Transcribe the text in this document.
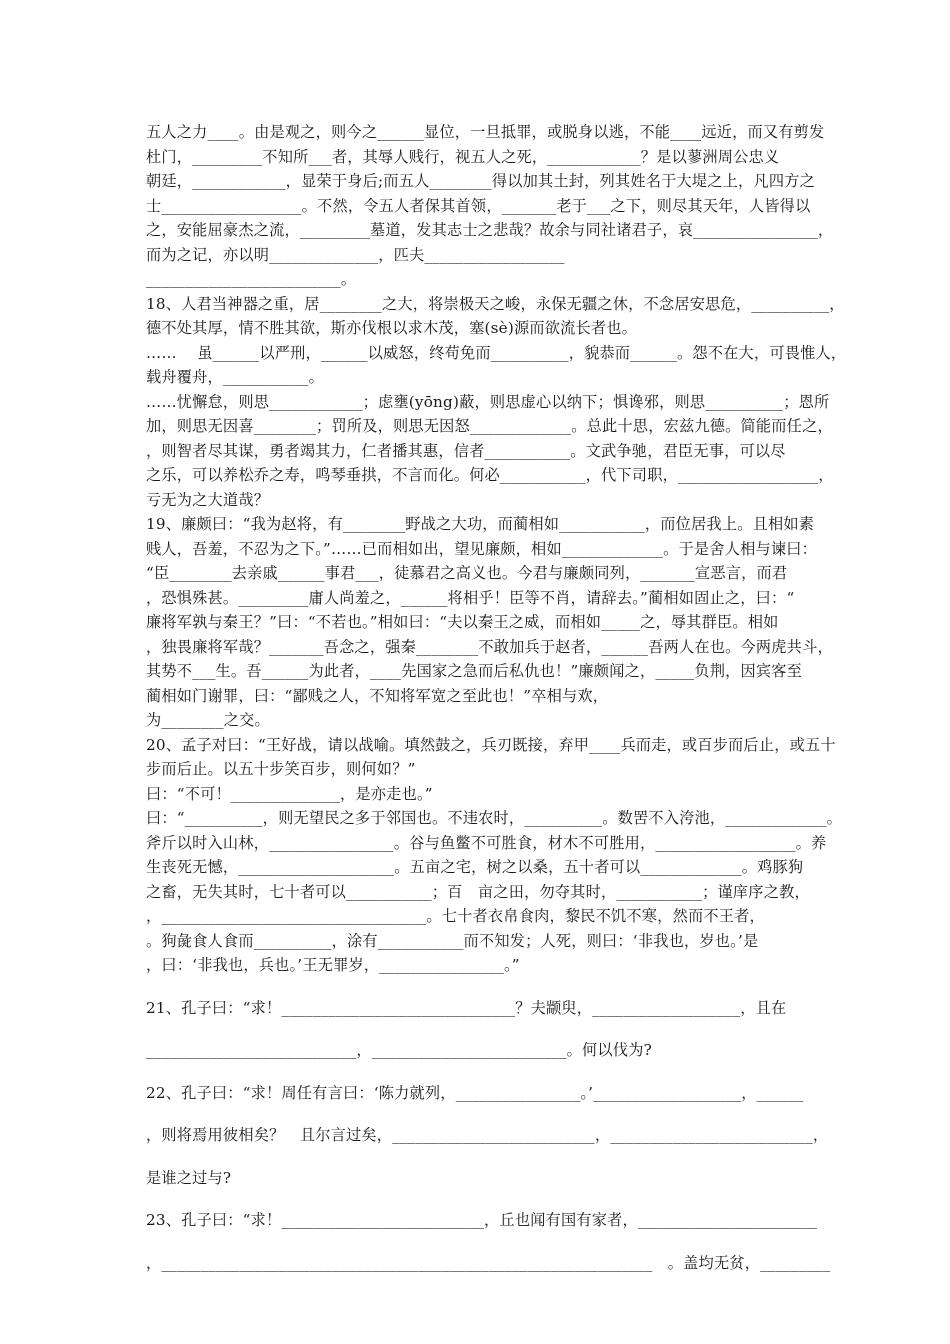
五人之力____。由是观之，则今之______显位，一旦抵罪，或脱身以逃，不能____远近，而又有剪发
杜门，_________不知所___者，其辱人贱行，视五人之死，____________？是以蓼洲周公忠义
朝廷，____________，显荣于身后;而五人________得以加其土封，列其姓名于大堤之上，凡四方之
士__________________。不然，令五人者保其首领，_______老于___之下，则尽其天年，人皆得以
之，安能屈豪杰之流，_________墓道，发其志士之悲哉？故余与同社诸君子，哀________________，
而为之记，亦以明______________，匹夫__________________
_________________________。
18、人君当神器之重，居________之大，将崇极天之峻，永保无疆之休，不念居安思危，__________，
德不处其厚，情不胜其欲，斯亦伐根以求木茂，塞(sè)源而欲流长者也。
……　 虽______以严刑，______以威怒，终苟免而__________，貌恭而______。怨不在大，可畏惟人，
载舟覆舟，___________。
……忧懈怠，则思____________；虑壅(yōng)蔽，则思虚心以纳下；惧谗邪，则思__________；恩所
加，则思无因喜________；罚所及，则思无因怒_____________。总此十思，宏兹九德。简能而任之，
，则智者尽其谋，勇者竭其力，仁者播其惠，信者___________。文武争驰，君臣无事，可以尽
之乐，可以养松乔之寿，鸣琴垂拱，不言而化。何必___________，代下司职，__________________，
亏无为之大道哉？
19、廉颇曰：“我为赵将，有________野战之大功，而蔺相如___________，而位居我上。且相如素
贱人，吾羞，不忍为之下。”……已而相如出，望见廉颇，相如_____________。于是舍人相与谏曰：
“臣________去亲戚______事君___，徒慕君之高义也。今君与廉颇同列，_______宣恶言，而君
，恐惧殊甚。_________庸人尚羞之，______将相乎！臣等不肖，请辞去。”蔺相如固止之，曰：“
廉将军孰与秦王？”曰：“不若也。”相如曰：“夫以秦王之威，而相如_____之，辱其群臣。相如
，独畏廉将军哉？_______吾念之，强秦________不敢加兵于赵者，______吾两人在也。今两虎共斗，
其势不___生。吾______为此者，____先国家之急而后私仇也！”廉颇闻之，_____负荆，因宾客至
蔺相如门谢罪，曰：“鄙贱之人，不知将军宽之至此也！”卒相与欢，
为________之交。
20、孟子对曰：“王好战，请以战喻。填然鼓之，兵刃既接，弃甲____兵而走，或百步而后止，或五十
步而后止。以五十步笑百步，则何如？”
曰：“不可！______________，是亦走也。”
曰：“__________，则无望民之多于邻国也。不违农时，__________。数罟不入洿池，_____________。
斧斤以时入山林，________________。谷与鱼鳖不可胜食，材木不可胜用，__________________。养
生丧死无憾，____________________。五亩之宅，树之以桑，五十者可以_____________。鸡豚狗
之畜，无失其时，七十者可以___________；百　亩之田，勿夺其时，___________；谨庠序之教，
，__________________________________。七十者衣帛食肉，黎民不饥不寒，然而不王者，
。狗彘食人食而__________，涂有___________而不知发；人死，则曰：‘非我也，岁也。’是
，曰：‘非我也，兵也。’王无罪岁，________________。”
21、孔子曰：“求！______________________________？夫颛臾，___________________，且在
___________________________，_________________________。何以伐为?
22、孔子曰：“求！周任有言曰：‘陈力就列，________________。’___________________，______
，则将焉用彼相矣？　且尔言过矣，__________________________，__________________________，
是谁之过与?
23、孔子曰：“求！__________________________，丘也闻有国有家者，_______________________
，_______________________________________________________________　。盖均无贫，_________
